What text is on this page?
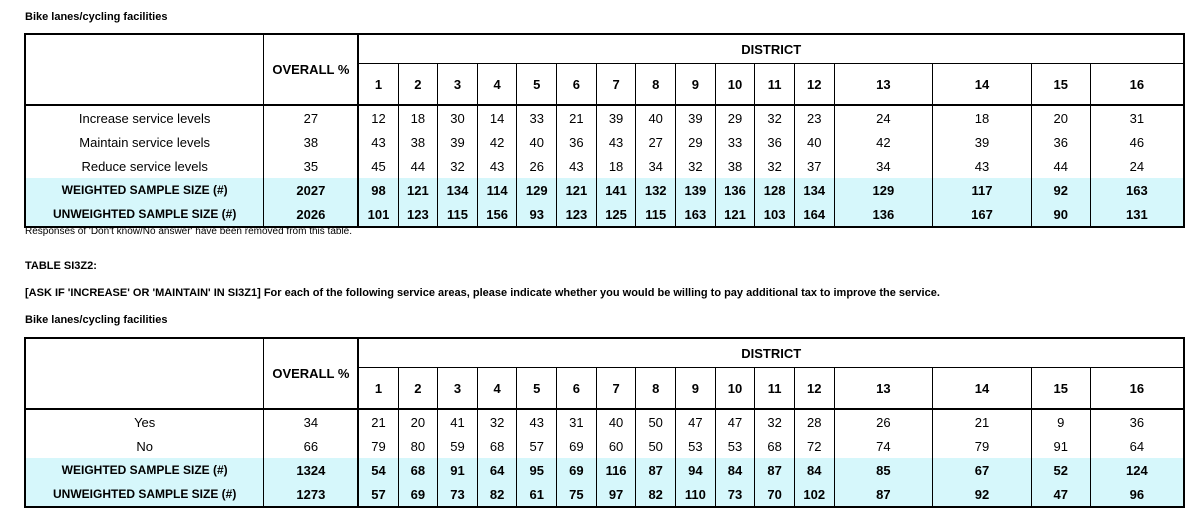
Bike lanes/cycling facilities
	OVERALL %	DISTRICT															
		1	2	3	4	5	6	7	8	9	10	11	12	13	14	15	16
Increase service levels	27	12	18	30	14	33	21	39	40	39	29	32	23	24	18	20	31
Maintain service levels	38	43	38	39	42	40	36	43	27	29	33	36	40	42	39	36	46
Reduce service levels	35	45	44	32	43	26	43	18	34	32	38	32	37	34	43	44	24
WEIGHTED SAMPLE SIZE (#)	2027	98	121	134	114	129	121	141	132	139	136	128	134	129	117	92	163
UNWEIGHTED SAMPLE SIZE (#)	2026	101	123	115	156	93	123	125	115	163	121	103	164	136	167	90	131
Responses of 'Don't know/No answer' have been removed from this table.
TABLE SI3Z2:
[ASK IF 'INCREASE' OR 'MAINTAIN' IN SI3Z1] For each of the following service areas, please indicate whether you would be willing to pay additional tax to improve the service.
Bike lanes/cycling facilities
	OVERALL %	DISTRICT															
		1	2	3	4	5	6	7	8	9	10	11	12	13	14	15	16
Yes	34	21	20	41	32	43	31	40	50	47	47	32	28	26	21	9	36
No	66	79	80	59	68	57	69	60	50	53	53	68	72	74	79	91	64
WEIGHTED SAMPLE SIZE (#)	1324	54	68	91	64	95	69	116	87	94	84	87	84	85	67	52	124
UNWEIGHTED SAMPLE SIZE (#)	1273	57	69	73	82	61	75	97	82	110	73	70	102	87	92	47	96
